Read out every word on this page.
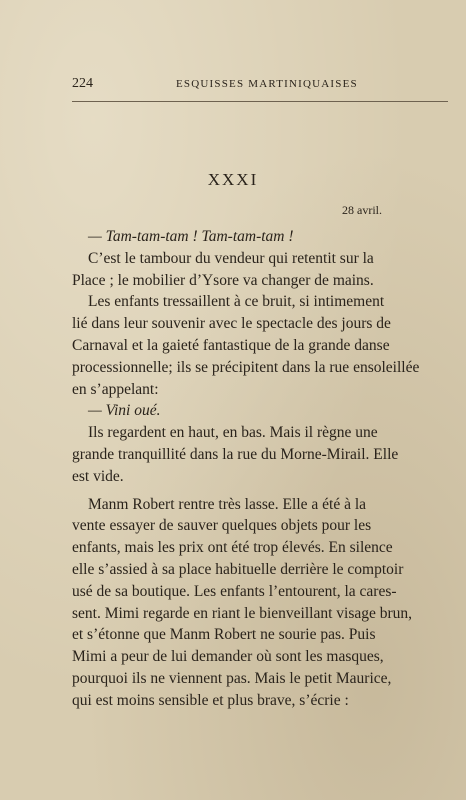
224	ESQUISSES MARTINIQUAISES
XXXI
28 avril.
— Tam-tam-tam ! Tam-tam-tam !
C’est le tambour du vendeur qui retentit sur la
Place ; le mobilier d’Ysore va changer de mains.
Les enfants tressaillent à ce bruit, si intimement
lié dans leur souvenir avec le spectacle des jours de
Carnaval et la gaieté fantastique de la grande danse
processionnelle; ils se précipitent dans la rue ensoleillée
en s’appelant:
— Vini oué.
Ils regardent en haut, en bas. Mais il règne une
grande tranquillité dans la rue du Morne-Mirail. Elle
est vide.
Manm Robert rentre très lasse. Elle a été à la
vente essayer de sauver quelques objets pour les
enfants, mais les prix ont été trop élevés. En silence
elle s’assied à sa place habituelle derrière le comptoir
usé de sa boutique. Les enfants l’entourent, la cares-
sent. Mimi regarde en riant le bienveillant visage brun,
et s’étonne que Manm Robert ne sourie pas. Puis
Mimi a peur de lui demander où sont les masques,
pourquoi ils ne viennent pas. Mais le petit Maurice,
qui est moins sensible et plus brave, s’écrie :
